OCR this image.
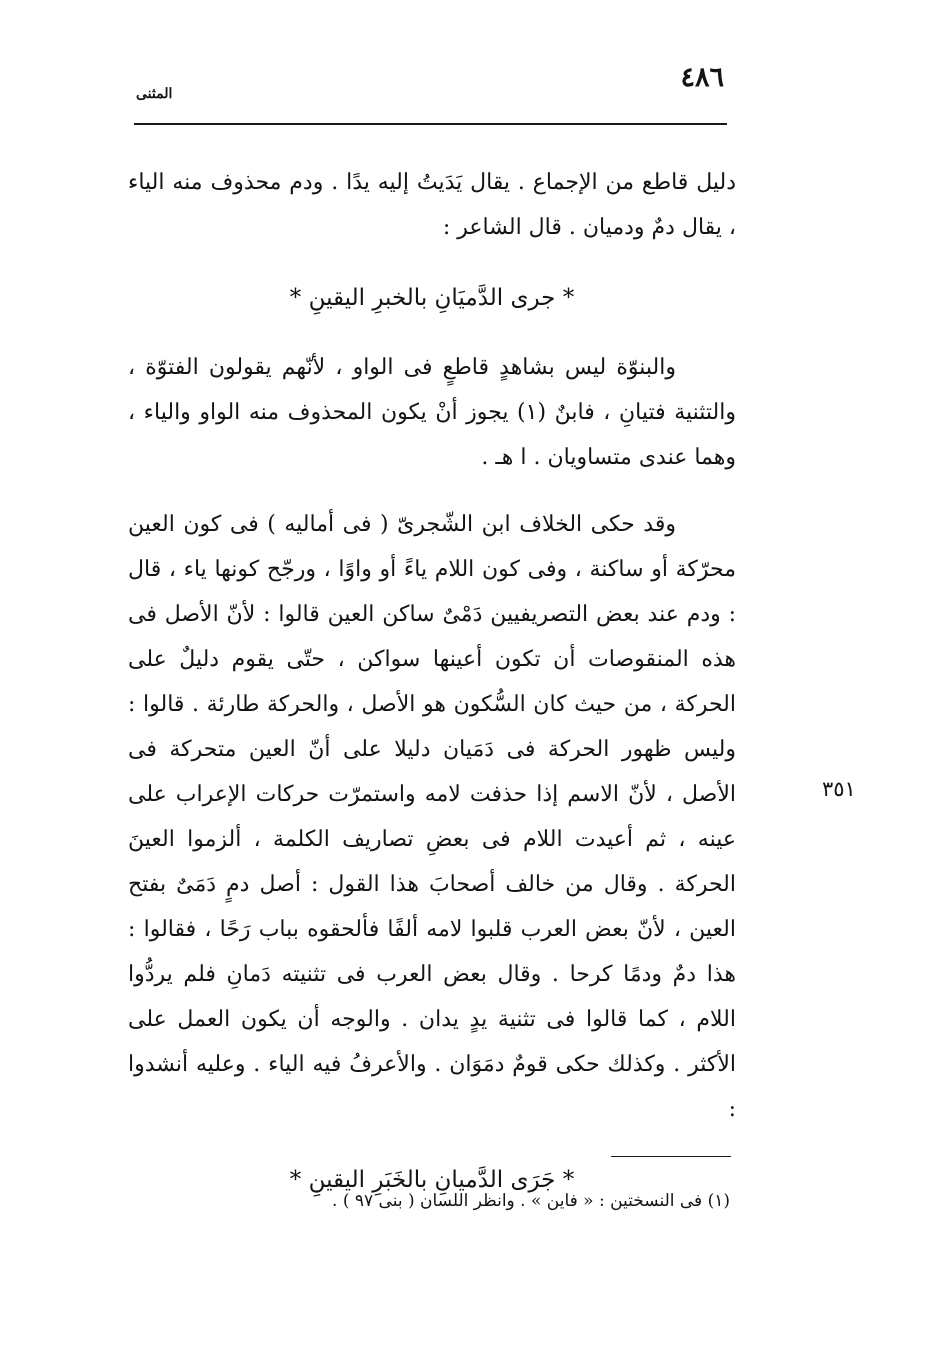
٤٨٦
المثنى

دليل قاطع من الإجماع . يقال يَدَيتُ إليه يدًا . ودم محذوف منه الياء ، يقال دمٌ ودميان . قال الشاعر :

* جرى الدَّميَانِ بالخبرِ اليقينِ *

والبنوّة ليس بشاهدٍ قاطعٍ فى الواو ، لأنّهم يقولون الفتوّة ، والتثنية فتيانِ ، فابنٌ (١) يجوز أنْ يكون المحذوف منه الواو والياء ، وهما عندى متساويان . ا هـ .

وقد حكى الخلاف ابن الشّجرىّ ( فى أماليه ) فى كون العين محرّكة أو ساكنة ، وفى كون اللام ياءً أو واوًا ، ورجّح كونها ياء ، قال : ودم عند بعض التصريفيين دَمْىٌ ساكن العين قالوا : لأنّ الأصل فى هذه المنقوصات أن تكون أعينها سواكن ، حتّى يقوم دليلٌ على الحركة ، من حيث كان السُّكون هو الأصل ، والحركة طارئة . قالوا : وليس ظهور الحركة فى دَمَيان دليلا على أنّ العين متحركة فى الأصل ، لأنّ الاسم إذا حذفت لامه واستمرّت حركات الإعراب على عينه ، ثم أعيدت اللام فى بعضِ تصاريف الكلمة ، ألزموا العينَ الحركة . وقال من خالف أصحابَ هذا القول : أصل دمٍ دَمَىٌ بفتح العين ، لأنّ بعض العرب قلبوا لامه ألفًا فألحقوه بباب رَحًا ، فقالوا : هذا دمٌ ودمًا كرحا . وقال بعض العرب فى تثنيته دَمانِ فلم يردُّوا اللام ، كما قالوا فى تثنية يدٍ يدان . والوجه أن يكون العمل على الأكثر . وكذلك حكى قومٌ دمَوَان . والأعرفُ فيه الياء . وعليه أنشدوا :

* جَرَى الدَّميانِ بالخَبَرِ اليقينِ *

٣٥١
(١) فى النسختين : « فاين » . وانظر اللسان ( بنى ٩٧ ) .
